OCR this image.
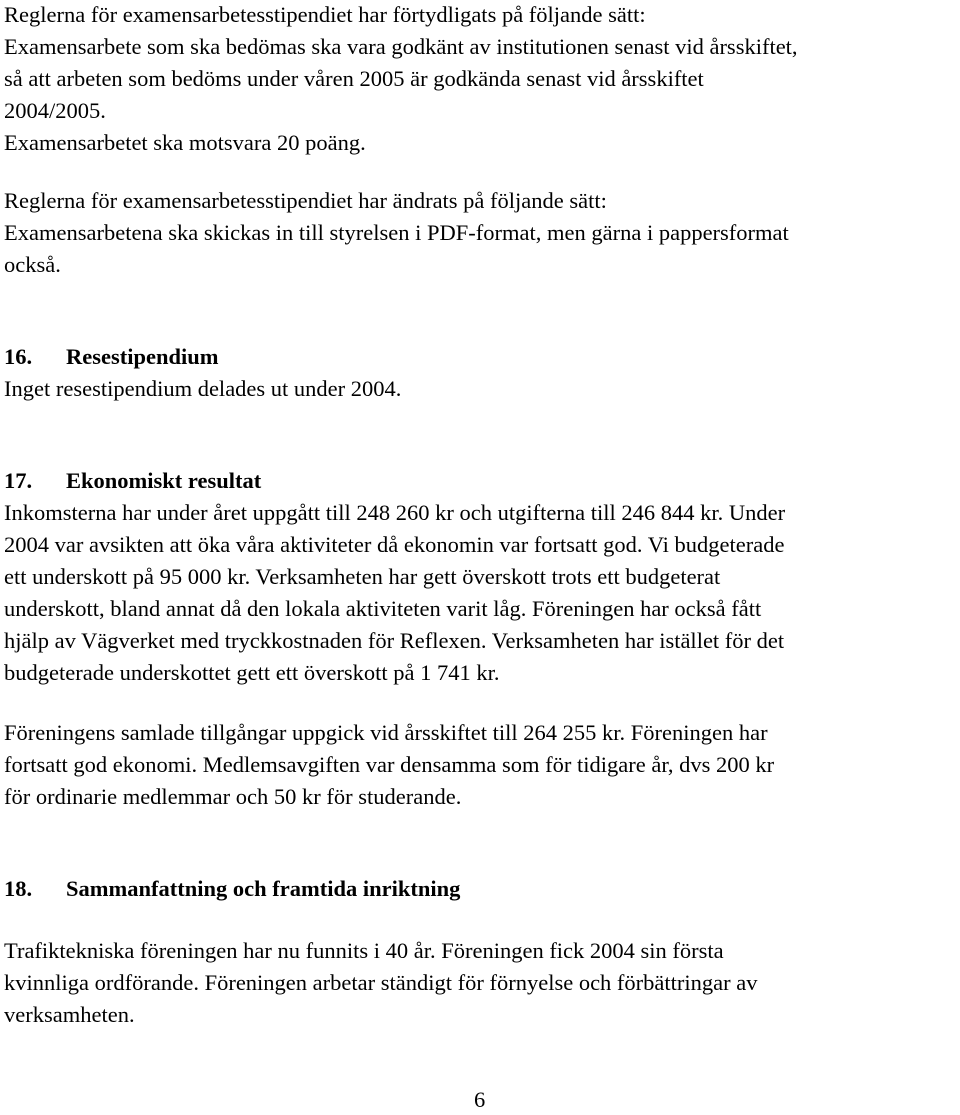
Reglerna för examensarbetesstipendiet har förtydligats på följande sätt:
Examensarbete som ska bedömas ska vara godkänt av institutionen senast vid årsskiftet,
så att arbeten som bedöms under våren 2005 är godkända senast vid årsskiftet
2004/2005.
Examensarbetet ska motsvara 20 poäng.
Reglerna för examensarbetesstipendiet har ändrats på följande sätt:
Examensarbetena ska skickas in till styrelsen i PDF-format, men gärna i pappersformat
också.
16. Resestipendium
Inget resestipendium delades ut under 2004.
17. Ekonomiskt resultat
Inkomsterna har under året uppgått till 248 260 kr och utgifterna till 246 844 kr. Under
2004 var avsikten att öka våra aktiviteter då ekonomin var fortsatt god. Vi budgeterade
ett underskott på 95 000 kr. Verksamheten har gett överskott trots ett budgeterat
underskott, bland annat då den lokala aktiviteten varit låg. Föreningen har också fått
hjälp av Vägverket med tryckkostnaden för Reflexen. Verksamheten har istället för det
budgeterade underskottet gett ett överskott på 1 741 kr.
Föreningens samlade tillgångar uppgick vid årsskiftet till 264 255 kr. Föreningen har
fortsatt god ekonomi. Medlemsavgiften var densamma som för tidigare år, dvs 200 kr
för ordinarie medlemmar och 50 kr för studerande.
18. Sammanfattning och framtida inriktning
Trafiktekniska föreningen har nu funnits i 40 år. Föreningen fick 2004 sin första
kvinnliga ordförande. Föreningen arbetar ständigt för förnyelse och förbättringar av
verksamheten.
6
